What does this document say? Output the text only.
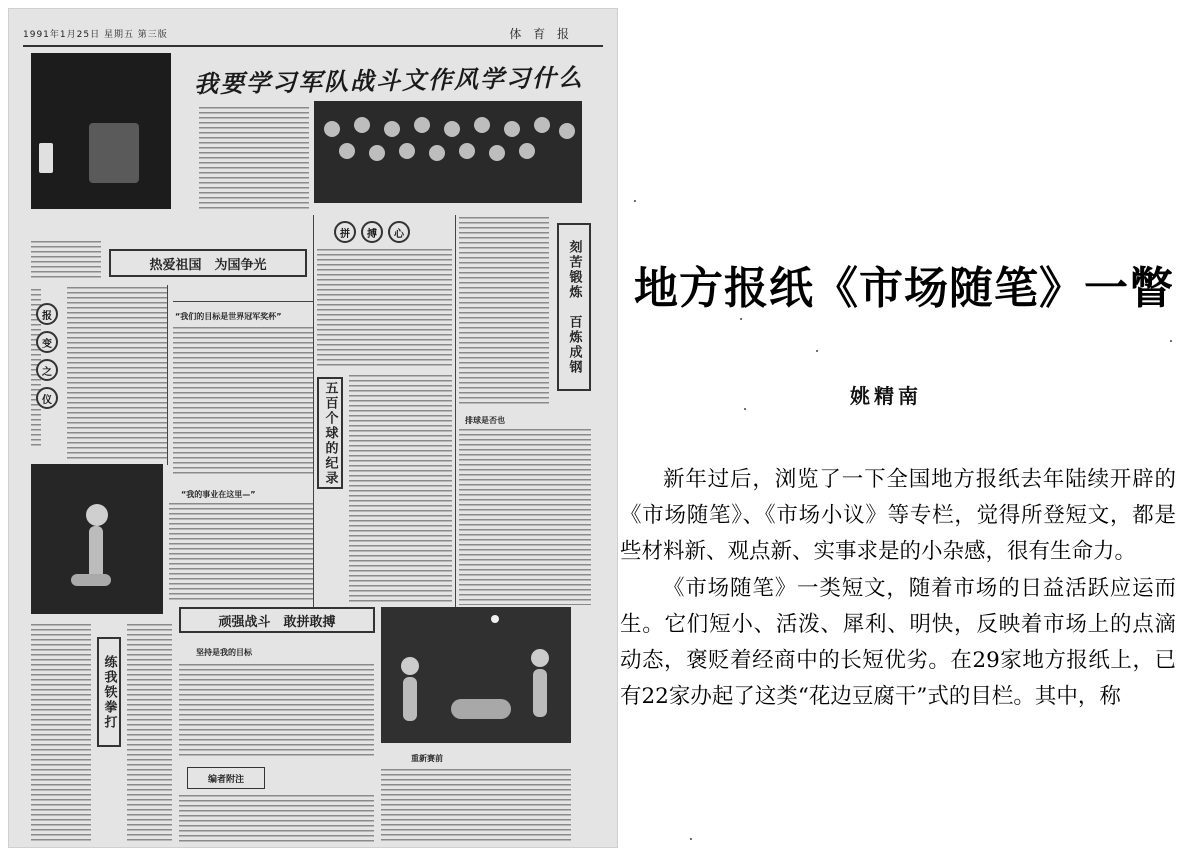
1991年1月25日 星期五 第三版	体 育 报
我要学习军队战斗文作风学习什么
热爱祖国　为国争光
报
变
之
仪
“我们的目标是世界冠军奖杯”
拼	搏	心
五百个球的纪录
刻苦锻炼　百炼成钢
排球是否也
“我的事业在这里—”
练我铁拳打
顽强战斗　敢拼敢搏
坚持是我的目标
编者附注
重新赛前
地方报纸《市场随笔》一瞥
姚精南

新年过后，浏览了一下全国地方报纸去年陆续开辟的《市场随笔》、《市场小议》等专栏，觉得所登短文，都是些材料新、观点新、实事求是的小杂感，很有生命力。

《市场随笔》一类短文，随着市场的日益活跃应运而生。它们短小、活泼、犀利、明快，反映着市场上的点滴动态，褒贬着经商中的长短优劣。在29家地方报纸上，已有22家办起了这类“花边豆腐干”式的目栏。其中，称
